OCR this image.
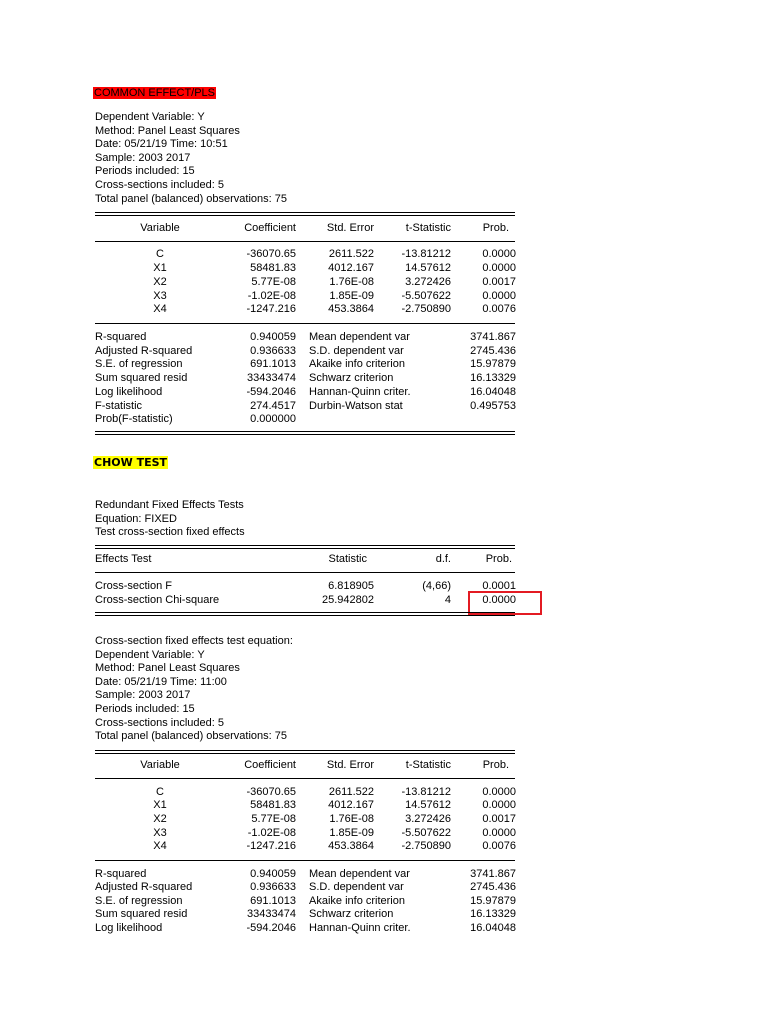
COMMON EFFECT/PLS
Dependent Variable: Y
Method: Panel Least Squares
Date: 05/21/19 Time: 10:51
Sample: 2003 2017
Periods included: 15
Cross-sections included: 5
Total panel (balanced) observations: 75
Variable	Coefficient	Std. Error	t-Statistic	Prob.
C	-36070.65	2611.522	-13.81212	0.0000
X1	58481.83	4012.167	14.57612	0.0000
X2	5.77E-08	1.76E-08	3.272426	0.0017
X3	-1.02E-08	1.85E-09	-5.507622	0.0000
X4	-1247.216	453.3864	-2.750890	0.0076
R-squared	0.940059 Mean dependent var	3741.867
Adjusted R-squared	0.936633 S.D. dependent var	2745.436
S.E. of regression	691.1013 Akaike info criterion	15.97879
Sum squared resid	33433474 Schwarz criterion	16.13329
Log likelihood	-594.2046 Hannan-Quinn criter.	16.04048
F-statistic	274.4517 Durbin-Watson stat	0.495753
Prob(F-statistic)	0.000000
CHOW TEST
Redundant Fixed Effects Tests
Equation: FIXED
Test cross-section fixed effects
Effects Test	Statistic	d.f.	Prob.
Cross-section F	6.818905	(4,66)	0.0001
Cross-section Chi-square	25.942802	4	0.0000
Cross-section fixed effects test equation:
Dependent Variable: Y
Method: Panel Least Squares
Date: 05/21/19 Time: 11:00
Sample: 2003 2017
Periods included: 15
Cross-sections included: 5
Total panel (balanced) observations: 75
Variable	Coefficient	Std. Error	t-Statistic	Prob.
C	-36070.65	2611.522	-13.81212	0.0000
X1	58481.83	4012.167	14.57612	0.0000
X2	5.77E-08	1.76E-08	3.272426	0.0017
X3	-1.02E-08	1.85E-09	-5.507622	0.0000
X4	-1247.216	453.3864	-2.750890	0.0076
R-squared	0.940059 Mean dependent var	3741.867
Adjusted R-squared	0.936633 S.D. dependent var	2745.436
S.E. of regression	691.1013 Akaike info criterion	15.97879
Sum squared resid	33433474 Schwarz criterion	16.13329
Log likelihood	-594.2046 Hannan-Quinn criter.	16.04048
